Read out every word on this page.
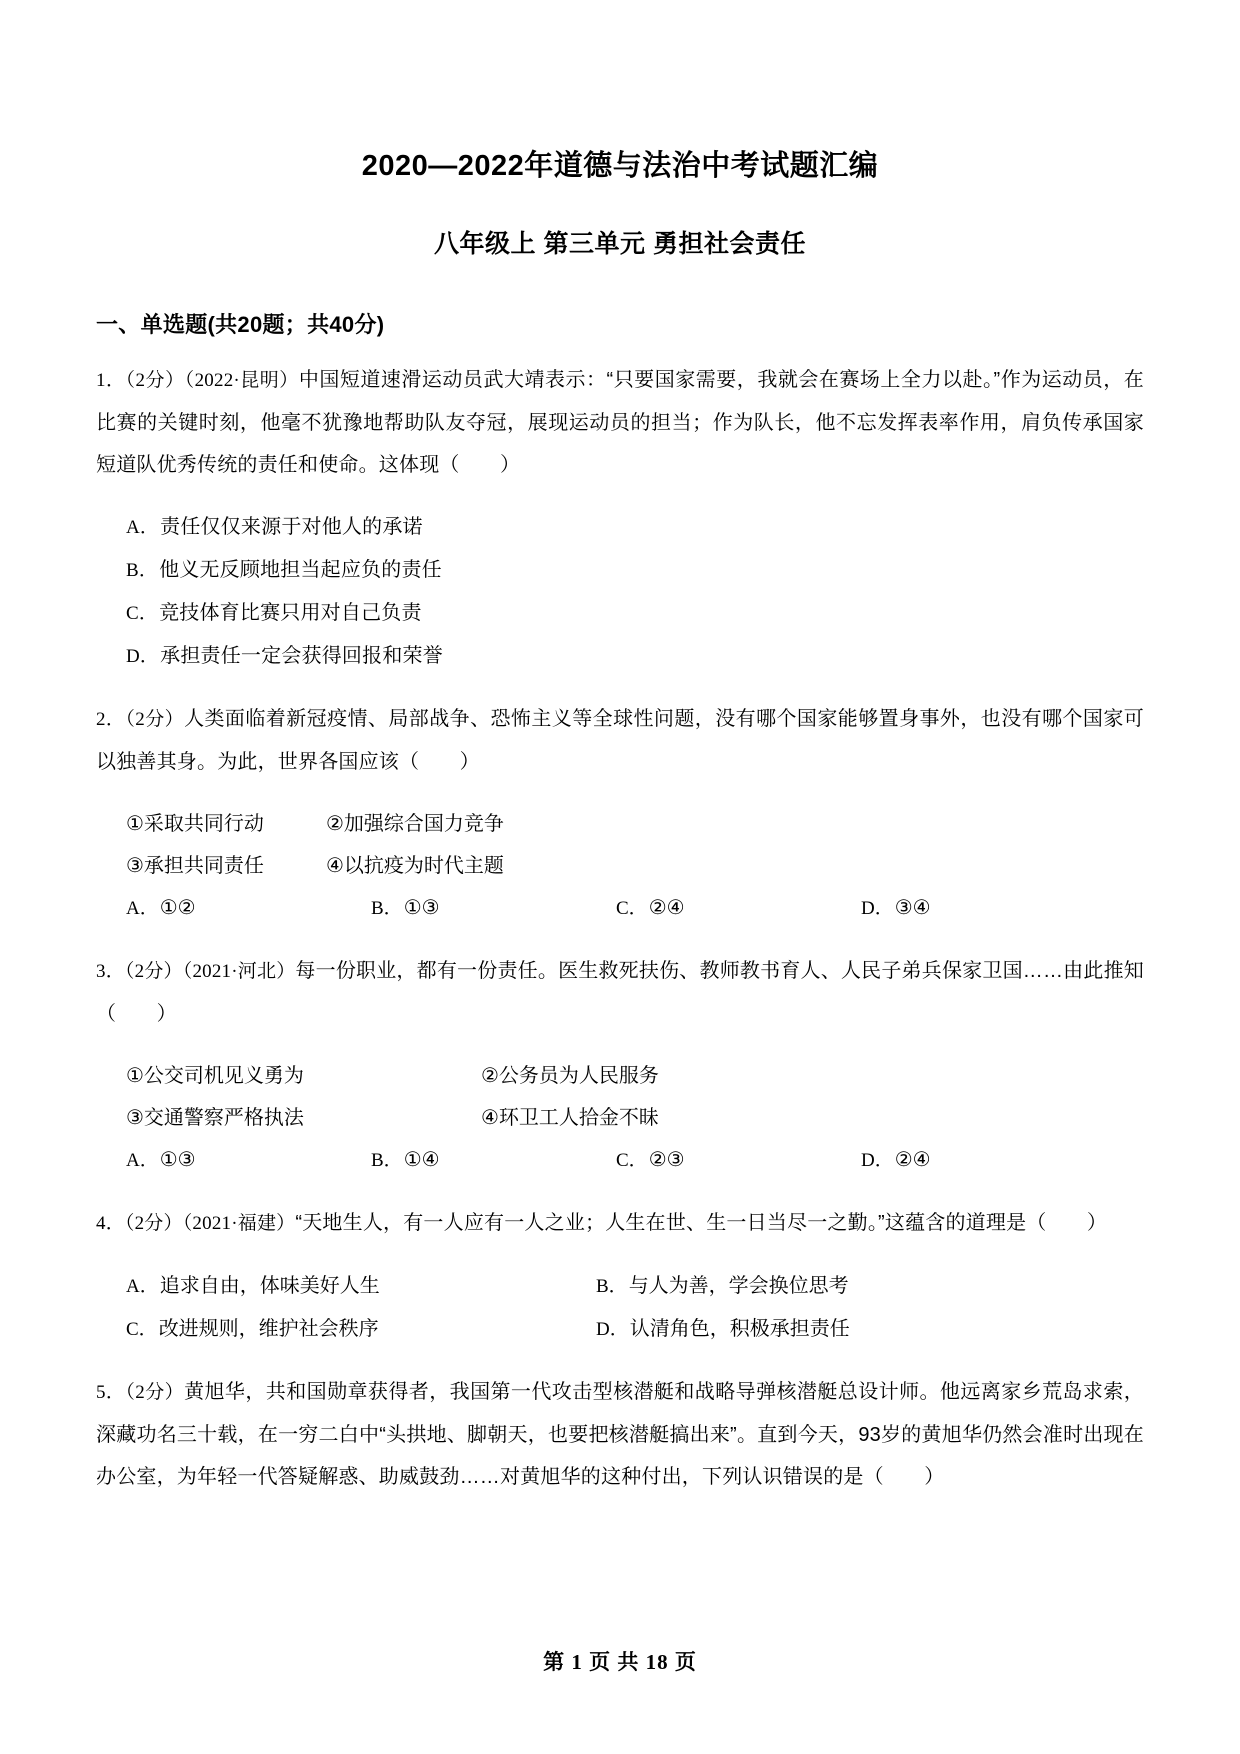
2020—2022年道德与法治中考试题汇编
八年级上 第三单元 勇担社会责任
一、单选题(共20题；共40分)

1．（2分）（2022·昆明）中国短道速滑运动员武大靖表示：“只要国家需要，我就会在赛场上全力以赴。”作为运动员，在比赛的关键时刻，他毫不犹豫地帮助队友夺冠，展现运动员的担当；作为队长，他不忘发挥表率作用，肩负传承国家短道队优秀传统的责任和使命。这体现（　　）

A．责任仅仅来源于对他人的承诺
B．他义无反顾地担当起应负的责任
C．竞技体育比赛只用对自己负责
D．承担责任一定会获得回报和荣誉

2．（2分）人类面临着新冠疫情、局部战争、恐怖主义等全球性问题，没有哪个国家能够置身事外，也没有哪个国家可以独善其身。为此，世界各国应该（　　）

①采取共同行动	②加强综合国力竞争
③承担共同责任	④以抗疫为时代主题
A．①②	B．①③	C．②④	D．③④

3．（2分）（2021·河北）每一份职业，都有一份责任。医生救死扶伤、教师教书育人、人民子弟兵保家卫国……由此推知（　　）

①公交司机见义勇为	②公务员为人民服务
③交通警察严格执法	④环卫工人拾金不昧
A．①③	B．①④	C．②③	D．②④

4．（2分）（2021·福建）“天地生人，有一人应有一人之业；人生在世、生一日当尽一之勤。”这蕴含的道理是（　　）

A．追求自由，体味美好人生	B．与人为善，学会换位思考
C．改进规则，维护社会秩序	D．认清角色，积极承担责任

5．（2分）黄旭华，共和国勋章获得者，我国第一代攻击型核潜艇和战略导弹核潜艇总设计师。他远离家乡荒岛求索，深藏功名三十载，在一穷二白中“头拱地、脚朝天，也要把核潜艇搞出来”。直到今天，93岁的黄旭华仍然会准时出现在办公室，为年轻一代答疑解惑、助威鼓劲……对黄旭华的这种付出，下列认识错误的是（　　）

第 1 页 共 18 页
